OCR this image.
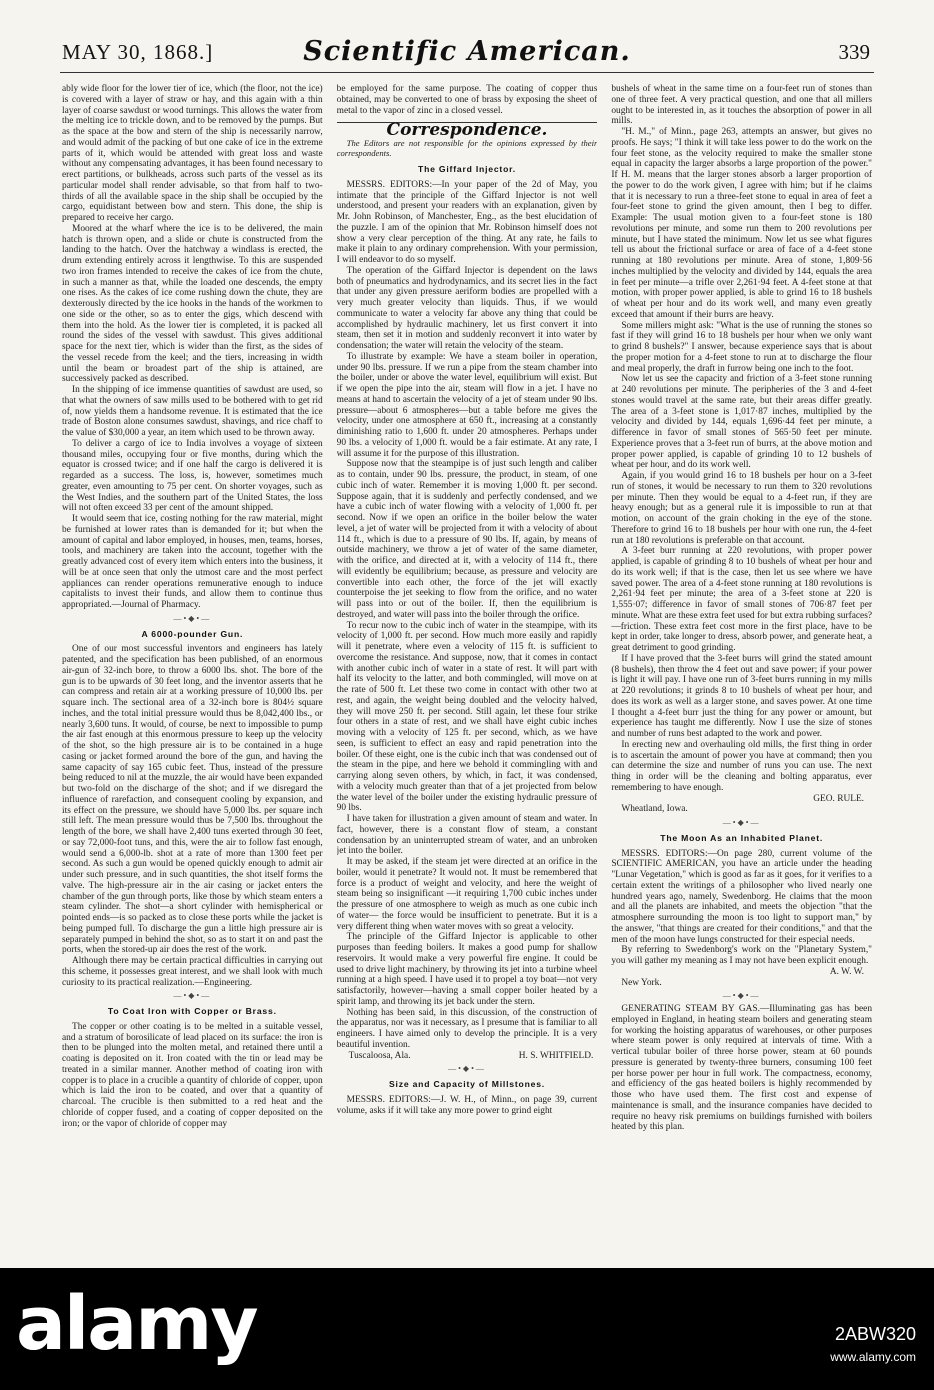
MAY 30, 1868.]	Scientific American.	339

ably wide floor for the lower tier of ice, which (the floor, not the ice) is covered with a layer of straw or hay, and this again with a thin layer of coarse sawdust or wood turnings. This allows the water from the melting ice to trickle down, and to be removed by the pumps. But as the space at the bow and stern of the ship is necessarily narrow, and would admit of the packing of but one cake of ice in the extreme parts of it, which would be attended with great loss and waste without any compensating advantages, it has been found necessary to erect partitions, or bulkheads, across such parts of the vessel as its particular model shall render advisable, so that from half to two-thirds of all the available space in the ship shall be occupied by the cargo, equidistant between bow and stern. This done, the ship is prepared to receive her cargo.

Moored at the wharf where the ice is to be delivered, the main hatch is thrown open, and a slide or chute is constructed from the landing to the hatch. Over the hatchway a windlass is erected, the drum extending entirely across it lengthwise. To this are suspended two iron frames intended to receive the cakes of ice from the chute, in such a manner as that, while the loaded one descends, the empty one rises. As the cakes of ice come rushing down the chute, they are dexterously directed by the ice hooks in the hands of the workmen to one side or the other, so as to enter the gigs, which descend with them into the hold. As the lower tier is completed, it is packed all round the sides of the vessel with sawdust. This gives additional space for the next tier, which is wider than the first, as the sides of the vessel recede from the keel; and the tiers, increasing in width until the beam or broadest part of the ship is attained, are successively packed as described.

In the shipping of ice immense quantities of sawdust are used, so that what the owners of saw mills used to be bothered with to get rid of, now yields them a handsome revenue. It is estimated that the ice trade of Boston alone consumes sawdust, shavings, and rice chaff to the value of $30,000 a year, an item which used to be thrown away.

To deliver a cargo of ice to India involves a voyage of sixteen thousand miles, occupying four or five months, during which the equator is crossed twice; and if one half the cargo is delivered it is regarded as a success. The loss, is, however, sometimes much greater, even amounting to 75 per cent. On shorter voyages, such as the West Indies, and the southern part of the United States, the loss will not often exceed 33 per cent of the amount shipped.

It would seem that ice, costing nothing for the raw material, might be furnished at lower rates than is demanded for it; but when the amount of capital and labor employed, in houses, men, teams, horses, tools, and machinery are taken into the account, together with the greatly advanced cost of every item which enters into the business, it will be at once seen that only the utmost care and the most perfect appliances can render operations remunerative enough to induce capitalists to invest their funds, and allow them to continue thus appropriated.—Journal of Pharmacy.

—•◆•—
A 6000-pounder Gun.

One of our most successful inventors and engineers has lately patented, and the specification has been published, of an enormous air-gun of 32-inch bore, to throw a 6000 lbs. shot. The bore of the gun is to be upwards of 30 feet long, and the inventor asserts that he can compress and retain air at a working pressure of 10,000 lbs. per square inch. The sectional area of a 32-inch bore is 804½ square inches, and the total initial pressure would thus be 8,042,400 lbs., or nearly 3,600 tuns. It would, of course, be next to impossible to pump the air fast enough at this enormous pressure to keep up the velocity of the shot, so the high pressure air is to be contained in a huge casing or jacket formed around the bore of the gun, and having the same capacity of say 165 cubic feet. Thus, instead of the pressure being reduced to nil at the muzzle, the air would have been expanded but two-fold on the discharge of the shot; and if we disregard the influence of rarefaction, and consequent cooling by expansion, and its effect on the pressure, we should have 5,000 lbs. per square inch still left. The mean pressure would thus be 7,500 lbs. throughout the length of the bore, we shall have 2,400 tuns exerted through 30 feet, or say 72,000-foot tuns, and this, were the air to follow fast enough, would send a 6,000-lb. shot at a rate of more than 1300 feet per second. As such a gun would be opened quickly enough to admit air under such pressure, and in such quantities, the shot itself forms the valve. The high-pressure air in the air casing or jacket enters the chamber of the gun through ports, like those by which steam enters a steam cylinder. The shot—a short cylinder with hemispherical or pointed ends—is so packed as to close these ports while the jacket is being pumped full. To discharge the gun a little high pressure air is separately pumped in behind the shot, so as to start it on and past the ports, when the stored-up air does the rest of the work.

Although there may be certain practical difficulties in carrying out this scheme, it possesses great interest, and we shall look with much curiosity to its practical realization.—Engineering.

—•◆•—
To Coat Iron with Copper or Brass.

The copper or other coating is to be melted in a suitable vessel, and a stratum of borosilicate of lead placed on its surface: the iron is then to be plunged into the molten metal, and retained there until a coating is deposited on it. Iron coated with the tin or lead may be treated in a similar manner. Another method of coating iron with copper is to place in a crucible a quantity of chloride of copper, upon which is laid the iron to be coated, and over that a quantity of charcoal. The crucible is then submitted to a red heat and the chloride of copper fused, and a coating of copper deposited on the iron; or the vapor of chloride of copper may

be employed for the same purpose. The coating of copper thus obtained, may be converted to one of brass by exposing the sheet of metal to the vapor of zinc in a closed vessel.

Correspondence.
The Editors are not responsible for the opinions expressed by their correspondents.
The Giffard Injector.

MESSRS. EDITORS:—In your paper of the 2d of May, you intimate that the principle of the Giffard Injector is not well understood, and present your readers with an explanation, given by Mr. John Robinson, of Manchester, Eng., as the best elucidation of the puzzle. I am of the opinion that Mr. Robinson himself does not show a very clear perception of the thing. At any rate, he fails to make it plain to any ordinary comprehension. With your permission, I will endeavor to do so myself.

The operation of the Giffard Injector is dependent on the laws both of pneumatics and hydrodynamics, and its secret lies in the fact that under any given pressure aeriform bodies are propelled with a very much greater velocity than liquids. Thus, if we would communicate to water a velocity far above any thing that could be accomplished by hydraulic machinery, let us first convert it into steam, then set it in motion and suddenly reconvert it into water by condensation; the water will retain the velocity of the steam.

To illustrate by example: We have a steam boiler in operation, under 90 lbs. pressure. If we run a pipe from the steam chamber into the boiler, under or above the water level, equilibrium will exist. But if we open the pipe into the air, steam will flow in a jet. I have no means at hand to ascertain the velocity of a jet of steam under 90 lbs. pressure—about 6 atmospheres—but a table before me gives the velocity, under one atmosphere at 650 ft., increasing at a constantly diminishing ratio to 1,600 ft. under 20 atmospheres. Perhaps under 90 lbs. a velocity of 1,000 ft. would be a fair estimate. At any rate, I will assume it for the purpose of this illustration.

Suppose now that the steampipe is of just such length and caliber as to contain, under 90 lbs. pressure, the product, in steam, of one cubic inch of water. Remember it is moving 1,000 ft. per second. Suppose again, that it is suddenly and perfectly condensed, and we have a cubic inch of water flowing with a velocity of 1,000 ft. per second. Now if we open an orifice in the boiler below the water level, a jet of water will be projected from it with a velocity of about 114 ft., which is due to a pressure of 90 lbs. If, again, by means of outside machinery, we throw a jet of water of the same diameter, with the orifice, and directed at it, with a velocity of 114 ft., there will evidently be equilibrium; because, as pressure and velocity are convertible into each other, the force of the jet will exactly counterpoise the jet seeking to flow from the orifice, and no water will pass into or out of the boiler. If, then the equilibrium is destroyed, and water will pass into the boiler through the orifice.

To recur now to the cubic inch of water in the steampipe, with its velocity of 1,000 ft. per second. How much more easily and rapidly will it penetrate, where even a velocity of 115 ft. is sufficient to overcome the resistance. And suppose, now, that it comes in contact with another cubic inch of water in a state of rest. It will part with half its velocity to the latter, and both commingled, will move on at the rate of 500 ft. Let these two come in contact with other two at rest, and again, the weight being doubled and the velocity halved, they will move 250 ft. per second. Still again, let these four strike four others in a state of rest, and we shall have eight cubic inches moving with a velocity of 125 ft. per second, which, as we have seen, is sufficient to effect an easy and rapid penetration into the boiler. Of these eight, one is the cubic inch that was condensed out of the steam in the pipe, and here we behold it commingling with and carrying along seven others, by which, in fact, it was condensed, with a velocity much greater than that of a jet projected from below the water level of the boiler under the existing hydraulic pressure of 90 lbs.

I have taken for illustration a given amount of steam and water. In fact, however, there is a constant flow of steam, a constant condensation by an uninterrupted stream of water, and an unbroken jet into the boiler.

It may be asked, if the steam jet were directed at an orifice in the boiler, would it penetrate? It would not. It must be remembered that force is a product of weight and velocity, and here the weight of steam being so insignificant —it requiring 1,700 cubic inches under the pressure of one atmosphere to weigh as much as one cubic inch of water— the force would be insufficient to penetrate. But it is a very different thing when water moves with so great a velocity.

The principle of the Giffard Injector is applicable to other purposes than feeding boilers. It makes a good pump for shallow reservoirs. It would make a very powerful fire engine. It could be used to drive light machinery, by throwing its jet into a turbine wheel running at a high speed. I have used it to propel a toy boat—not very satisfactorily, however—having a small copper boiler heated by a spirit lamp, and throwing its jet back under the stern.

Nothing has been said, in this discussion, of the construction of the apparatus, nor was it necessary, as I presume that is familiar to all engineers. I have aimed only to develop the principle. It is a very beautiful invention.

Tuscaloosa, Ala.	H. S. WHITFIELD.
—•◆•—
Size and Capacity of Millstones.

MESSRS. EDITORS:—J. W. H., of Minn., on page 39, current volume, asks if it will take any more power to grind eight

bushels of wheat in the same time on a four-feet run of stones than one of three feet. A very practical question, and one that all millers ought to be interested in, as it touches the absorption of power in all mills.

"H. M.," of Minn., page 263, attempts an answer, but gives no proofs. He says; "I think it will take less power to do the work on the four feet stone, as the velocity required to make the smaller stone equal in capacity the larger absorbs a large proportion of the power." If H. M. means that the larger stones absorb a larger proportion of the power to do the work given, I agree with him; but if he claims that it is necessary to run a three-feet stone to equal in area of feet a four-feet stone to grind the given amount, then I beg to differ. Example: The usual motion given to a four-feet stone is 180 revolutions per minute, and some run them to 200 revolutions per minute, but I have stated the minimum. Now let us see what figures tell us about the frictional surface or area of face of a 4-feet stone running at 180 revolutions per minute. Area of stone, 1,809·56 inches multiplied by the velocity and divided by 144, equals the area in feet per minute—a trifle over 2,261·94 feet. A 4-feet stone at that motion, with proper power applied, is able to grind 16 to 18 bushels of wheat per hour and do its work well, and many even greatly exceed that amount if their burrs are heavy.

Some millers might ask: "What is the use of running the stones so fast if they will grind 16 to 18 bushels per hour when we only want to grind 8 bushels?" I answer, because experience says that is about the proper motion for a 4-feet stone to run at to discharge the flour and meal properly, the draft in furrow being one inch to the foot.

Now let us see the capacity and friction of a 3-feet stone running at 240 revolutions per minute. The peripheries of the 3 and 4-feet stones would travel at the same rate, but their areas differ greatly. The area of a 3-feet stone is 1,017·87 inches, multiplied by the velocity and divided by 144, equals 1,696·44 feet per minute, a difference in favor of small stones of 565·50 feet per minute. Experience proves that a 3-feet run of burrs, at the above motion and proper power applied, is capable of grinding 10 to 12 bushels of wheat per hour, and do its work well.

Again, if you would grind 16 to 18 bushels per hour on a 3-feet run of stones, it would be necessary to run them to 320 revolutions per minute. Then they would be equal to a 4-feet run, if they are heavy enough; but as a general rule it is impossible to run at that motion, on account of the grain choking in the eye of the stone. Therefore to grind 16 to 18 bushels per hour with one run, the 4-feet run at 180 revolutions is preferable on that account.

A 3-feet burr running at 220 revolutions, with proper power applied, is capable of grinding 8 to 10 bushels of wheat per hour and do its work well; if that is the case, then let us see where we have saved power. The area of a 4-feet stone running at 180 revolutions is 2,261·94 feet per minute; the area of a 3-feet stone at 220 is 1,555·07; difference in favor of small stones of 706·87 feet per minute. What are these extra feet used for but extra rubbing surfaces?—friction. These extra feet cost more in the first place, have to be kept in order, take longer to dress, absorb power, and generate heat, a great detriment to good grinding.

If I have proved that the 3-feet burrs will grind the stated amount (8 bushels), then throw the 4 feet out and save power; if your power is light it will pay. I have one run of 3-feet burrs running in my mills at 220 revolutions; it grinds 8 to 10 bushels of wheat per hour, and does its work as well as a larger stone, and saves power. At one time I thought a 4-feet burr just the thing for any power or amount, but experience has taught me differently. Now I use the size of stones and number of runs best adapted to the work and power.

In erecting new and overhauling old mills, the first thing in order is to ascertain the amount of power you have at command; then you can determine the size and number of runs you can use. The next thing in order will be the cleaning and bolting apparatus, ever remembering to have enough.

GEO. RULE.

Wheatland, Iowa.

—•◆•—
The Moon As an Inhabited Planet.

MESSRS. EDITORS:—On page 280, current volume of the SCIENTIFIC AMERICAN, you have an article under the heading "Lunar Vegetation," which is good as far as it goes, for it verifies to a certain extent the writings of a philosopher who lived nearly one hundred years ago, namely, Swedenborg. He claims that the moon and all the planets are inhabited, and meets the objection "that the atmosphere surrounding the moon is too light to support man," by the answer, "that things are created for their conditions," and that the men of the moon have lungs constructed for their especial needs.

By referring to Swedenborg's work on the "Planetary System," you will gather my meaning as I may not have been explicit enough.

A. W. W.

New York.

—•◆•—

GENERATING STEAM BY GAS.—Illuminating gas has been employed in England, in heating steam boilers and generating steam for working the hoisting apparatus of warehouses, or other purposes where steam power is only required at intervals of time. With a vertical tubular boiler of three horse power, steam at 60 pounds pressure is generated by twenty-three burners, consuming 100 feet per horse power per hour in full work. The compactness, economy, and efficiency of the gas heated boilers is highly recommended by those who have used them. The first cost and expense of maintenance is small, and the insurance companies have decided to require no heavy risk premiums on buildings furnished with boilers heated by this plan.

alamy	2ABW320
www.alamy.com
